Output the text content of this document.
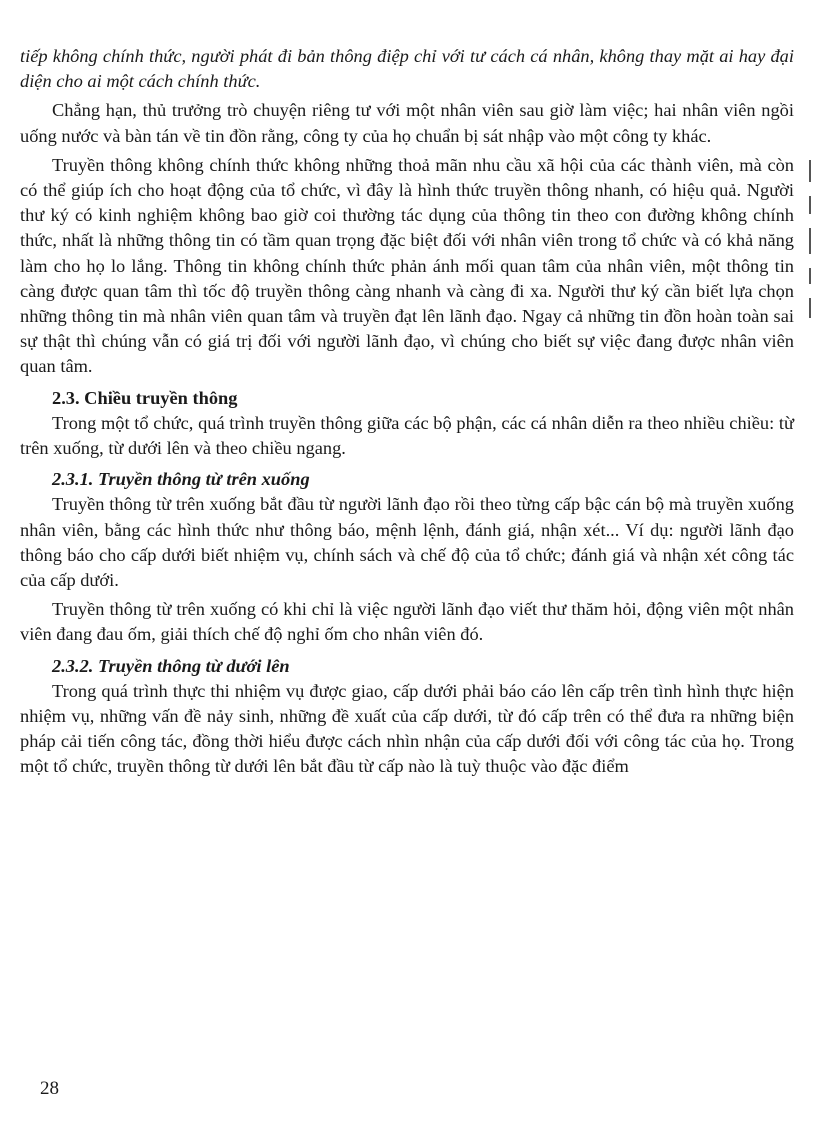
tiếp không chính thức, người phát đi bản thông điệp chỉ với tư cách cá nhân, không thay mặt ai hay đại diện cho ai một cách chính thức.

Chẳng hạn, thủ trưởng trò chuyện riêng tư với một nhân viên sau giờ làm việc; hai nhân viên ngồi uống nước và bàn tán về tin đồn rằng, công ty của họ chuẩn bị sát nhập vào một công ty khác.

Truyền thông không chính thức không những thoả mãn nhu cầu xã hội của các thành viên, mà còn có thể giúp ích cho hoạt động của tổ chức, vì đây là hình thức truyền thông nhanh, có hiệu quả. Người thư ký có kinh nghiệm không bao giờ coi thường tác dụng của thông tin theo con đường không chính thức, nhất là những thông tin có tầm quan trọng đặc biệt đối với nhân viên trong tổ chức và có khả năng làm cho họ lo lắng. Thông tin không chính thức phản ánh mối quan tâm của nhân viên, một thông tin càng được quan tâm thì tốc độ truyền thông càng nhanh và càng đi xa. Người thư ký cần biết lựa chọn những thông tin mà nhân viên quan tâm và truyền đạt lên lãnh đạo. Ngay cả những tin đồn hoàn toàn sai sự thật thì chúng vẫn có giá trị đối với người lãnh đạo, vì chúng cho biết sự việc đang được nhân viên quan tâm.

2.3. Chiều truyền thông

Trong một tổ chức, quá trình truyền thông giữa các bộ phận, các cá nhân diễn ra theo nhiều chiều: từ trên xuống, từ dưới lên và theo chiều ngang.

2.3.1. Truyền thông từ trên xuống

Truyền thông từ trên xuống bắt đầu từ người lãnh đạo rồi theo từng cấp bậc cán bộ mà truyền xuống nhân viên, bằng các hình thức như thông báo, mệnh lệnh, đánh giá, nhận xét... Ví dụ: người lãnh đạo thông báo cho cấp dưới biết nhiệm vụ, chính sách và chế độ của tổ chức; đánh giá và nhận xét công tác của cấp dưới.

Truyền thông từ trên xuống có khi chỉ là việc người lãnh đạo viết thư thăm hỏi, động viên một nhân viên đang đau ốm, giải thích chế độ nghỉ ốm cho nhân viên đó.

2.3.2. Truyền thông từ dưới lên

Trong quá trình thực thi nhiệm vụ được giao, cấp dưới phải báo cáo lên cấp trên tình hình thực hiện nhiệm vụ, những vấn đề nảy sinh, những đề xuất của cấp dưới, từ đó cấp trên có thể đưa ra những biện pháp cải tiến công tác, đồng thời hiểu được cách nhìn nhận của cấp dưới đối với công tác của họ. Trong một tổ chức, truyền thông từ dưới lên bắt đầu từ cấp nào là tuỳ thuộc vào đặc điểm

28
